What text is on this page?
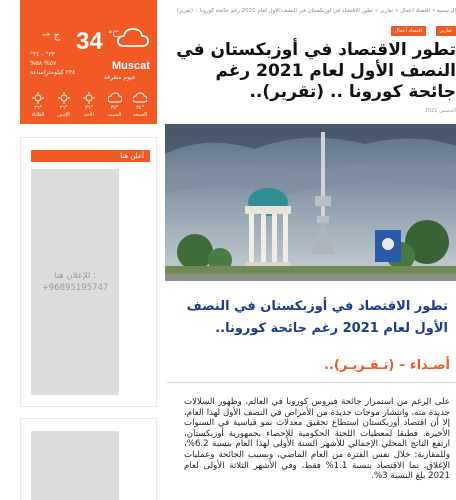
⇀ ج 34 °C
٣٣° - ٣٤°
٥٧% ٥٨%
٢٣٤ كيلومتر/ساعة
Muscat
غيوم متفرقة
٣٦°
الثلاثاء
٣٦°
الإثنين
٣٦°
الأحد
٣٥°
السبت
٣٤°
الجمعة
أعلن هنا
للإعلان هنا :
+96895195747
الرئيسية » اقتصاد أعمال » تقارير » تطور الاقتصاد في أوزبكستان في النصف الأول لعام 2021 رغم جائحة كورونا .. (تقرير)
تقارير
اقتصاد أعمال
تطور الاقتصاد في أوزبكستان في النصف الأول لعام 2021 رغم جائحة كورونا .. (تقرير)..
الخميس 2021
تطور الاقتصاد في أوزبكستان في النصف الأول لعام 2021 رغم جائحة كورونا..
أصـداء – (تـقـريـر)..

على الرغم من استمرار جائحة فيروس كورونا في العالم، وظهور السلالات جديدة منه، وانتشار موجات جديدة من الأمراض في النصف الأول لهذا العام، إلا أن اقتصاد أوزبكستان استطاع تحقيق معدلات نمو قياسية في السنوات الأخيرة. فطبقا لمعطيات اللجنة الحكومية للإحصاء بجمهورية أوزبكستان، ارتفع الناتج المحلي الإجمالي للأشهر الستة الأولى لهذا العام بنسبة 6.2%، وللمقارنة: خلال نفس الفترة من العام الماضي، وبسبب الجائحة وعمليات الإغلاق، نما الاقتصاد بنسبة 1.1% فقط، وفي الأشهر الثلاثة الأولى لعام 2021 بلغ النسبة 3%.
